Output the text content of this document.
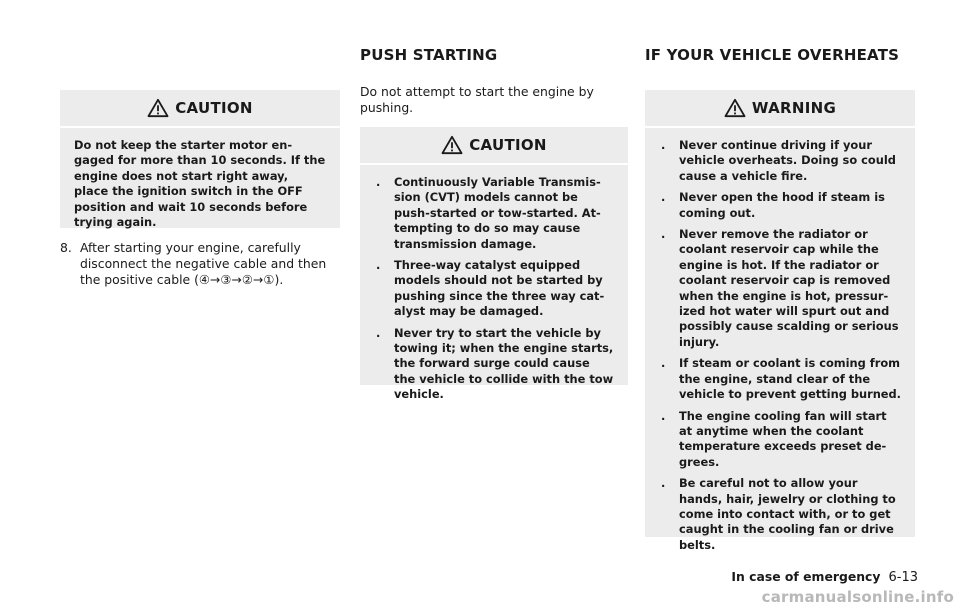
CAUTION

Do not keep the starter motor en- gaged for more than 10 seconds. If the engine does not start right away, place the ignition switch in the OFF position and wait 10 seconds before trying again.

8. After starting your engine, carefully disconnect the negative cable and then the positive cable (④→③→②→①).
PUSH STARTING

Do not attempt to start the engine by pushing.

CAUTION
. Continuously Variable Transmis- sion (CVT) models cannot be push-started or tow-started. At- tempting to do so may cause transmission damage.
. Three-way catalyst equipped models should not be started by pushing since the three way cat- alyst may be damaged.
. Never try to start the vehicle by towing it; when the engine starts, the forward surge could cause the vehicle to collide with the tow vehicle.
IF YOUR VEHICLE OVERHEATS
WARNING
. Never continue driving if your vehicle overheats. Doing so could cause a vehicle fire.
. Never open the hood if steam is coming out.
. Never remove the radiator or coolant reservoir cap while the engine is hot. If the radiator or coolant reservoir cap is removed when the engine is hot, pressur- ized hot water will spurt out and possibly cause scalding or serious injury.
. If steam or coolant is coming from the engine, stand clear of the vehicle to prevent getting burned.
. The engine cooling fan will start at anytime when the coolant temperature exceeds preset de- grees.
. Be careful not to allow your hands, hair, jewelry or clothing to come into contact with, or to get caught in the cooling fan or drive belts.
In case of emergency 6-13
carmanualsonline.info
